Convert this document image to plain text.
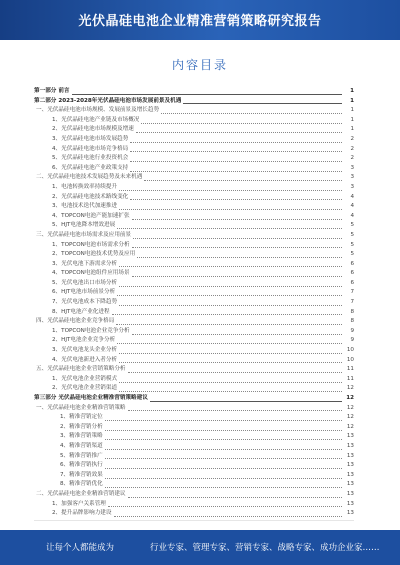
光伏晶硅电池企业精准营销策略研究报告
内容目录
第一部分 前言	1
第二部分 2023-2028年光伏晶硅电池市场发展前景及机遇	1
一、光伏晶硅电池市场规模、发展前景及增长趋势	1
1、光伏晶硅电池产业链及市场概况	1
2、光伏晶硅电池市场规模及增速	1
3、光伏晶硅电池市场发展趋势	2
4、光伏晶硅电池市场竞争格局	2
5、光伏晶硅电池行业投资机会	2
6、光伏晶硅电池产业政策支持	3
二、光伏晶硅电池技术发展趋势及未来机遇	3
1、电池转换效率持续提升	3
2、光伏晶硅电池技术路线变化	4
3、电池技术迭代加速推进	4
4、TOPCON电池产能加速扩张	4
5、HJT电池降本增效进展	5
三、光伏晶硅电池市场需求及应用前景	5
1、TOPCON电池市场需求分析	5
2、TOPCON电池技术优势及应用	5
3、光伏电池下游需求分析	6
4、TOPCON电池组件应用场景	6
5、光伏电池出口市场分析	6
6、HJT电池市场前景分析	7
7、光伏电池成本下降趋势	7
8、HJT电池产业化进程	8
四、光伏晶硅电池企业竞争格局	8
1、TOPCON电池企业竞争分析	9
2、HJT电池企业竞争分析	9
3、光伏电池龙头企业分析	10
4、光伏电池新进入者分析	10
五、光伏晶硅电池企业营销策略分析	11
1、光伏电池企业营销模式	11
2、光伏电池企业营销渠道	12
第三部分 光伏晶硅电池企业精准营销策略建议	12
一、光伏晶硅电池企业精准营销策略	12
1、精准营销定位	12
2、精准营销分析	12
3、精准营销策略	13
4、精准营销渠道	13
5、精准营销推广	13
6、精准营销执行	13
7、精准营销效果	13
8、精准营销优化	13
二、光伏晶硅电池企业精准营销建议	13
1、加强客户关系管理	13
2、提升品牌影响力建设	13
让每个人都能成为	行业专家、管理专家、营销专家、战略专家、成功企业家……
